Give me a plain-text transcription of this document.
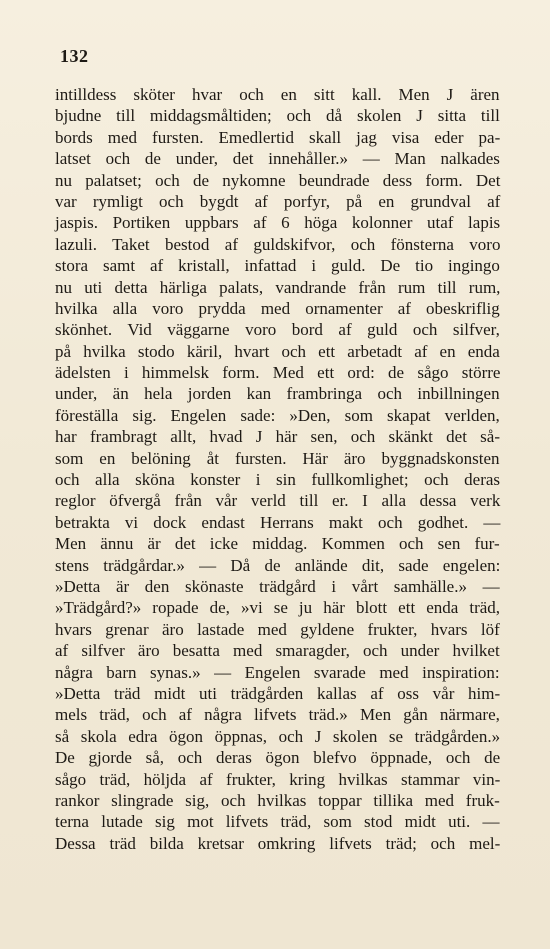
132
intilldess sköter hvar och en sitt kall. Men J ären
bjudne till middagsmåltiden; och då skolen J sitta till
bords med fursten. Emedlertid skall jag visa eder pa-
latset och de under, det innehåller.» — Man nalkades
nu palatset; och de nykomne beundrade dess form. Det
var rymligt och bygdt af porfyr, på en grundval af
jaspis. Portiken uppbars af 6 höga kolonner utaf lapis
lazuli. Taket bestod af guldskifvor, och fönsterna voro
stora samt af kristall, infattad i guld. De tio ingingo
nu uti detta härliga palats, vandrande från rum till rum,
hvilka alla voro prydda med ornamenter af obeskriflig
skönhet. Vid väggarne voro bord af guld och silfver,
på hvilka stodo käril, hvart och ett arbetadt af en enda
ädelsten i himmelsk form. Med ett ord: de sågo större
under, än hela jorden kan frambringa och inbillningen
föreställa sig. Engelen sade: »Den, som skapat verlden,
har frambragt allt, hvad J här sen, och skänkt det så-
som en belöning åt fursten. Här äro byggnadskonsten
och alla sköna konster i sin fullkomlighet; och deras
reglor öfvergå från vår verld till er. I alla dessa verk
betrakta vi dock endast Herrans makt och godhet. —
Men ännu är det icke middag. Kommen och sen fur-
stens trädgårdar.» — Då de anlände dit, sade engelen:
»Detta är den skönaste trädgård i vårt samhälle.» —
»Trädgård?» ropade de, »vi se ju här blott ett enda träd,
hvars grenar äro lastade med gyldene frukter, hvars löf
af silfver äro besatta med smaragder, och under hvilket
några barn synas.» — Engelen svarade med inspiration:
»Detta träd midt uti trädgården kallas af oss vår him-
mels träd, och af några lifvets träd.» Men gån närmare,
så skola edra ögon öppnas, och J skolen se trädgården.»
De gjorde så, och deras ögon blefvo öppnade, och de
sågo träd, höljda af frukter, kring hvilkas stammar vin-
rankor slingrade sig, och hvilkas toppar tillika med fruk-
terna lutade sig mot lifvets träd, som stod midt uti. —
Dessa träd bilda kretsar omkring lifvets träd; och mel-
